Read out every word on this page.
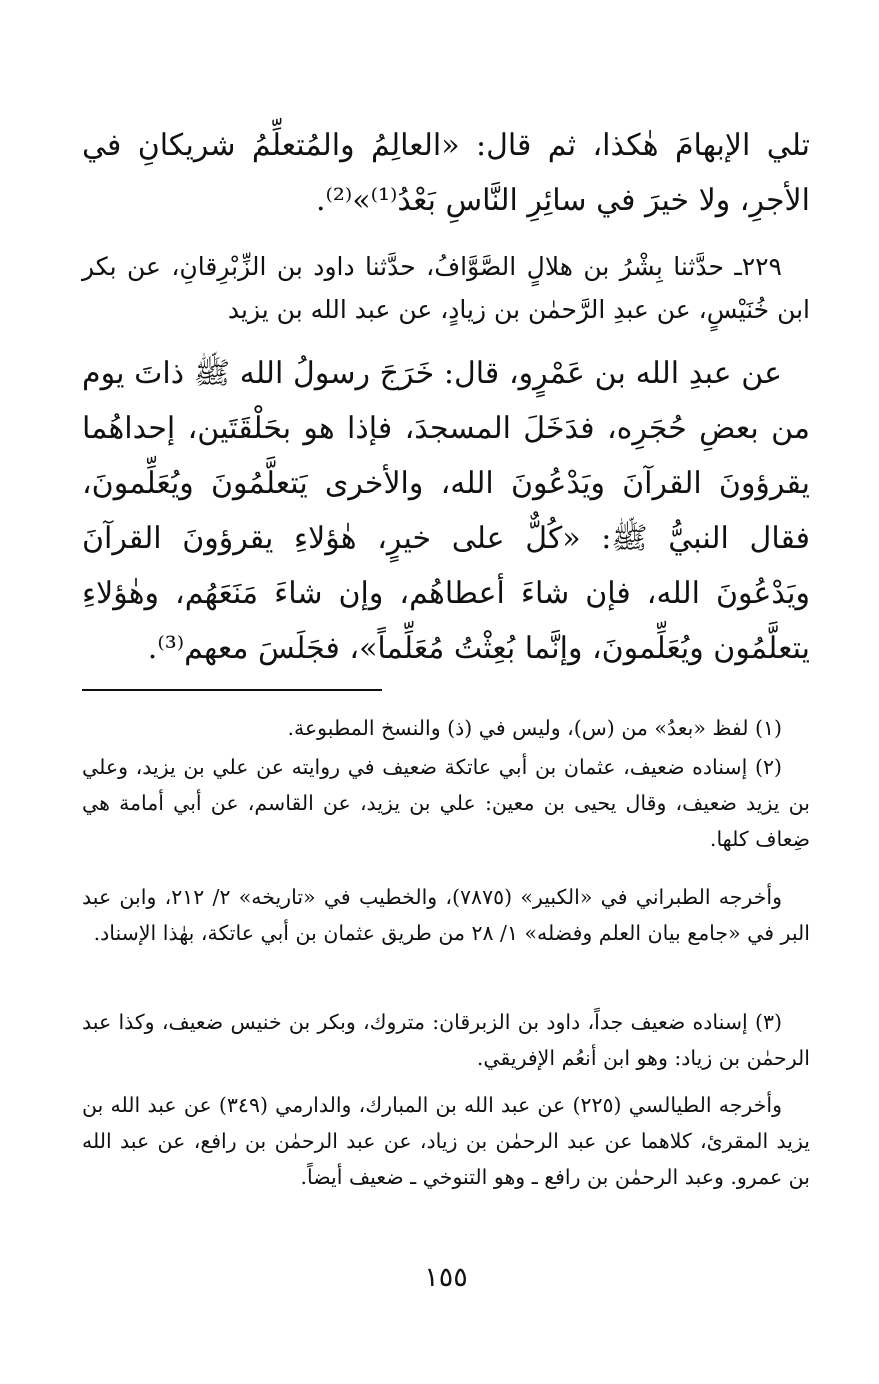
تلي الإبهامَ هٰكذا، ثم قال: «العالِمُ والمُتعلِّمُ شريكانِ في الأجرِ، ولا خيرَ في سائِرِ النَّاسِ بَعْدُ⁽¹⁾»⁽²⁾.

٢٢٩ـ حدَّثنا بِشْرُ بن هلالٍ الصَّوَّافُ، حدَّثنا داود بن الزِّبْرِقانِ، عن بكر ابن خُنَيْسٍ، عن عبدِ الرَّحمٰن بن زيادٍ، عن عبد الله بن يزيد

عن عبدِ الله بن عَمْرٍو، قال: خَرَجَ رسولُ الله ﷺ ذاتَ يوم من بعضِ حُجَرِه، فدَخَلَ المسجدَ، فإذا هو بحَلْقَتَين، إحداهُما يقرؤونَ القرآنَ ويَدْعُونَ الله، والأخرى يَتعلَّمُونَ ويُعَلِّمونَ، فقال النبيُّ ﷺ: «كُلٌّ على خيرٍ، هٰؤلاءِ يقرؤونَ القرآنَ ويَدْعُونَ الله، فإن شاءَ أعطاهُم، وإن شاءَ مَنَعَهُم، وهٰؤلاءِ يتعلَّمُون ويُعَلِّمونَ، وإنَّما بُعِثْتُ مُعَلِّماً»، فجَلَسَ معهم⁽³⁾.

(١) لفظ «بعدُ» من (س)، وليس في (ذ) والنسخ المطبوعة.

(٢) إسناده ضعيف، عثمان بن أبي عاتكة ضعيف في روايته عن علي بن يزيد، وعلي بن يزيد ضعيف، وقال يحيى بن معين: علي بن يزيد، عن القاسم، عن أبي أمامة هي ضِعاف كلها.

وأخرجه الطبراني في «الكبير» (٧٨٧٥)، والخطيب في «تاريخه» ٢/ ٢١٢، وابن عبد البر في «جامع بيان العلم وفضله» ١/ ٢٨ من طريق عثمان بن أبي عاتكة، بهٰذا الإسناد.

(٣) إسناده ضعيف جداً، داود بن الزبرقان: متروك، وبكر بن خنيس ضعيف، وكذا عبد الرحمٰن بن زياد: وهو ابن أنعُم الإفريقي.

وأخرجه الطيالسي (٢٢٥) عن عبد الله بن المبارك، والدارمي (٣٤٩) عن عبد الله بن يزيد المقرئ، كلاهما عن عبد الرحمٰن بن زياد، عن عبد الرحمٰن بن رافع، عن عبد الله بن عمرو. وعبد الرحمٰن بن رافع ـ وهو التنوخي ـ ضعيف أيضاً.

١٥٥
